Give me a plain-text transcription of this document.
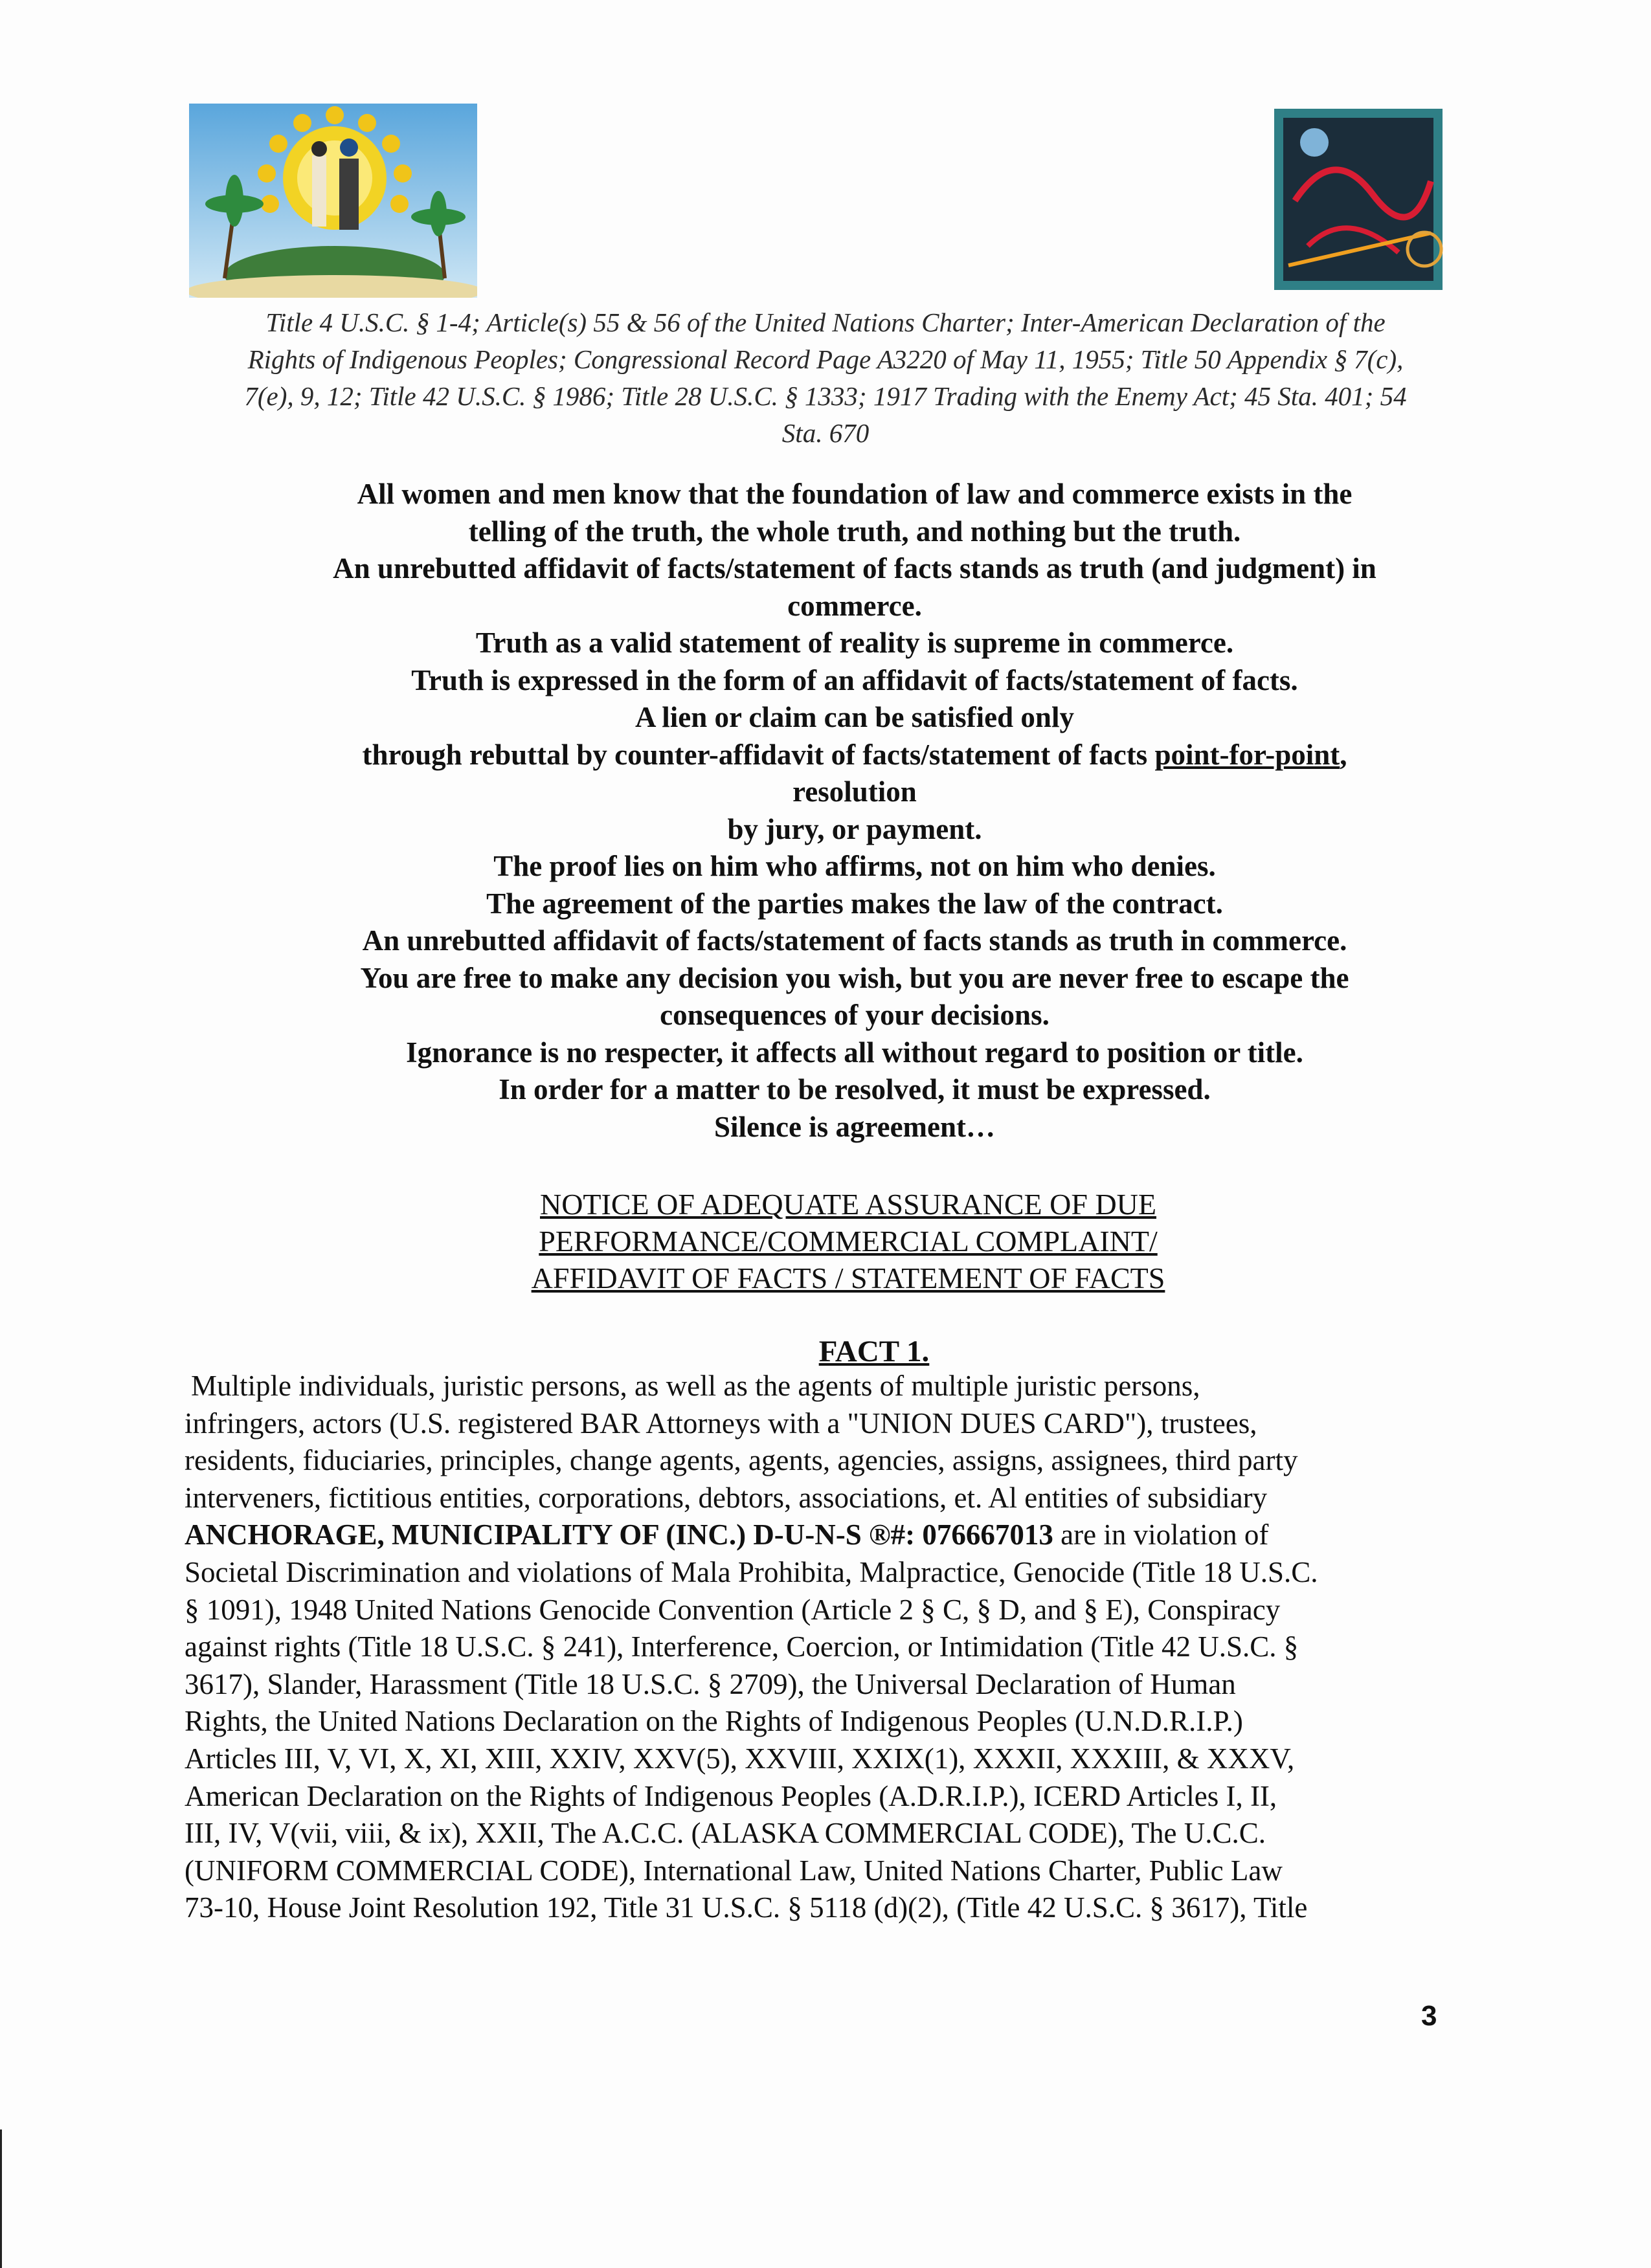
Title 4 U.S.C. § 1-4; Article(s) 55 & 56 of the United Nations Charter; Inter-American Declaration of the
Rights of Indigenous Peoples; Congressional Record Page A3220 of May 11, 1955; Title 50 Appendix § 7(c),
7(e), 9, 12; Title 42 U.S.C. § 1986; Title 28 U.S.C. § 1333; 1917 Trading with the Enemy Act; 45 Sta. 401; 54
Sta. 670
All women and men know that the foundation of law and commerce exists in the
telling of the truth, the whole truth, and nothing but the truth.
An unrebutted affidavit of facts/statement of facts stands as truth (and judgment) in
commerce.
Truth as a valid statement of reality is supreme in commerce.
Truth is expressed in the form of an affidavit of facts/statement of facts.
A lien or claim can be satisfied only
through rebuttal by counter-affidavit of facts/statement of facts point-for-point,
resolution
by jury, or payment.
The proof lies on him who affirms, not on him who denies.
The agreement of the parties makes the law of the contract.
An unrebutted affidavit of facts/statement of facts stands as truth in commerce.
You are free to make any decision you wish, but you are never free to escape the
consequences of your decisions.
Ignorance is no respecter, it affects all without regard to position or title.
In order for a matter to be resolved, it must be expressed.
Silence is agreement…
NOTICE OF ADEQUATE ASSURANCE OF DUE
PERFORMANCE/COMMERCIAL COMPLAINT/
AFFIDAVIT OF FACTS / STATEMENT OF FACTS
FACT 1.
Multiple individuals, juristic persons, as well as the agents of multiple juristic persons,
infringers, actors (U.S. registered BAR Attorneys with a "UNION DUES CARD"), trustees,
residents, fiduciaries, principles, change agents, agents, agencies, assigns, assignees, third party
interveners, fictitious entities, corporations, debtors, associations, et. Al entities of subsidiary
ANCHORAGE, MUNICIPALITY OF (INC.) D-U-N-S ®#: 076667013 are in violation of
Societal Discrimination and violations of Mala Prohibita, Malpractice, Genocide (Title 18 U.S.C.
§ 1091), 1948 United Nations Genocide Convention (Article 2 § C, § D, and § E), Conspiracy
against rights (Title 18 U.S.C. § 241), Interference, Coercion, or Intimidation (Title 42 U.S.C. §
3617), Slander, Harassment (Title 18 U.S.C. § 2709), the Universal Declaration of Human
Rights, the United Nations Declaration on the Rights of Indigenous Peoples (U.N.D.R.I.P.)
Articles III, V, VI, X, XI, XIII, XXIV, XXV(5), XXVIII, XXIX(1), XXXII, XXXIII, & XXXV,
American Declaration on the Rights of Indigenous Peoples (A.D.R.I.P.), ICERD Articles I, II,
III, IV, V(vii, viii, & ix), XXII, The A.C.C. (ALASKA COMMERCIAL CODE), The U.C.C.
(UNIFORM COMMERCIAL CODE), International Law, United Nations Charter, Public Law
73-10, House Joint Resolution 192, Title 31 U.S.C. § 5118 (d)(2), (Title 42 U.S.C. § 3617), Title
3
